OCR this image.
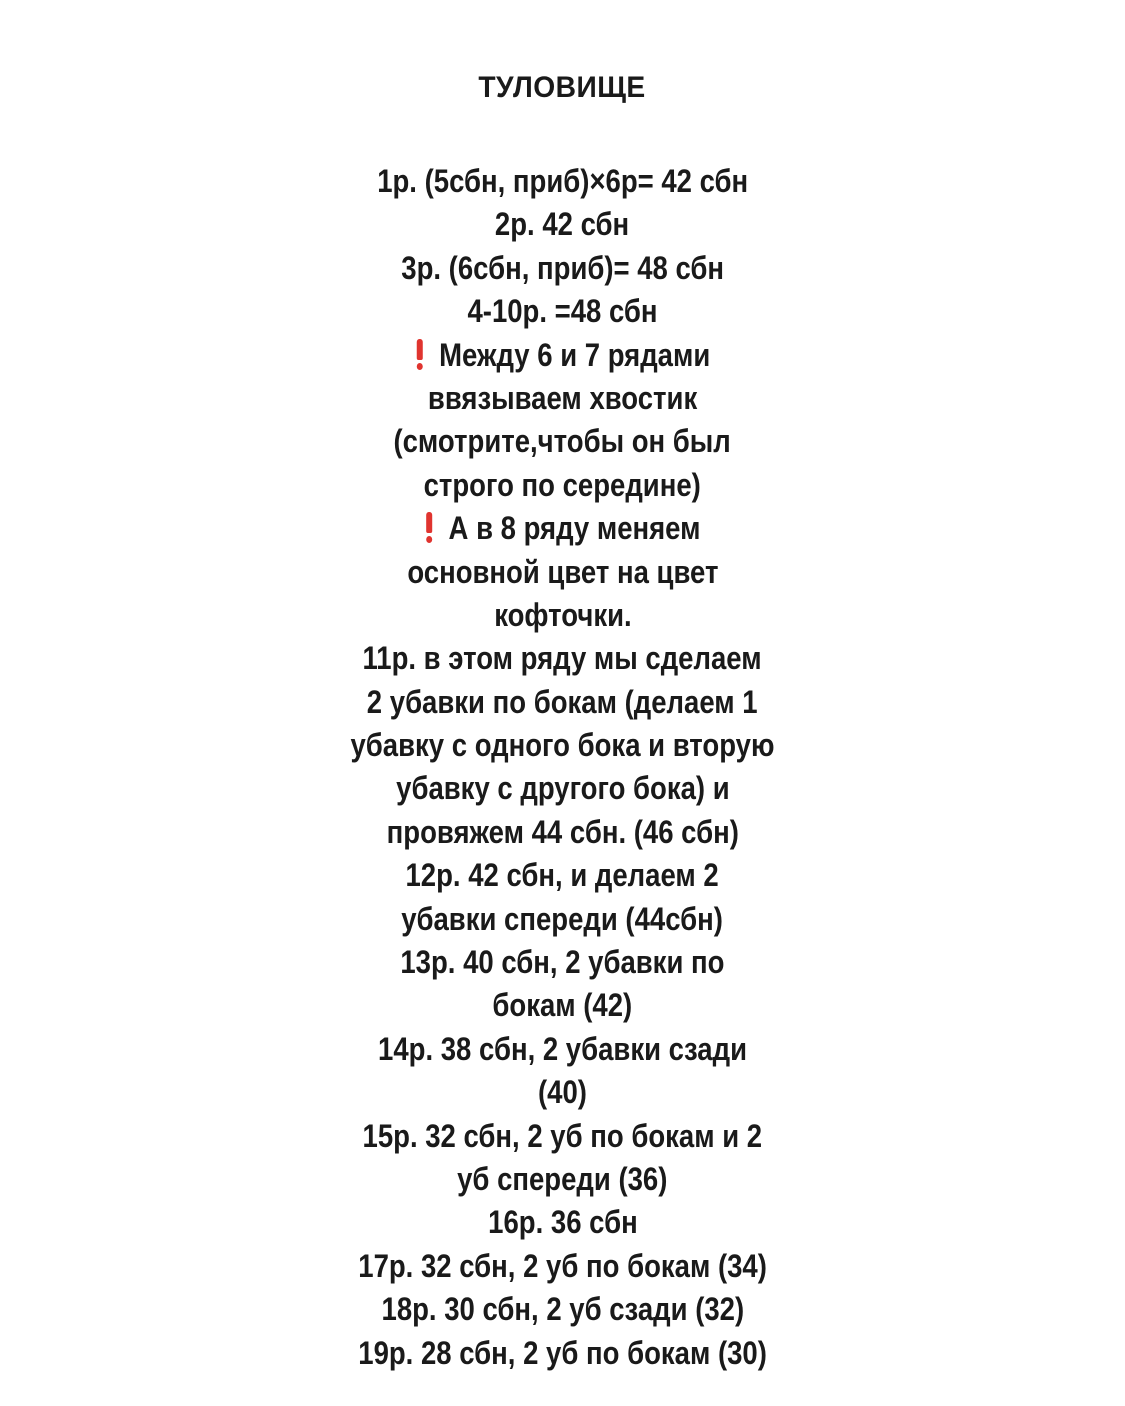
ТУЛОВИЩЕ
1р. (5сбн, приб)×6р= 42 сбн
2р. 42 сбн
3р. (6сбн, приб)= 48 сбн
4-10р. =48 сбн
Между 6 и 7 рядами
ввязываем хвостик
(смотрите,чтобы он был
строго по середине)
А в 8 ряду меняем
основной цвет на цвет
кофточки.
11р. в этом ряду мы сделаем
2 убавки по бокам (делаем 1
убавку с одного бока и вторую
убавку с другого бока) и
провяжем 44 сбн. (46 сбн)
12р. 42 сбн, и делаем 2
убавки спереди (44сбн)
13р. 40 сбн, 2 убавки по
бокам (42)
14р. 38 сбн, 2 убавки сзади
(40)
15р. 32 сбн, 2 уб по бокам и 2
уб спереди (36)
16р. 36 сбн
17р. 32 сбн, 2 уб по бокам (34)
18р. 30 сбн, 2 уб сзади (32)
19р. 28 сбн, 2 уб по бокам (30)
